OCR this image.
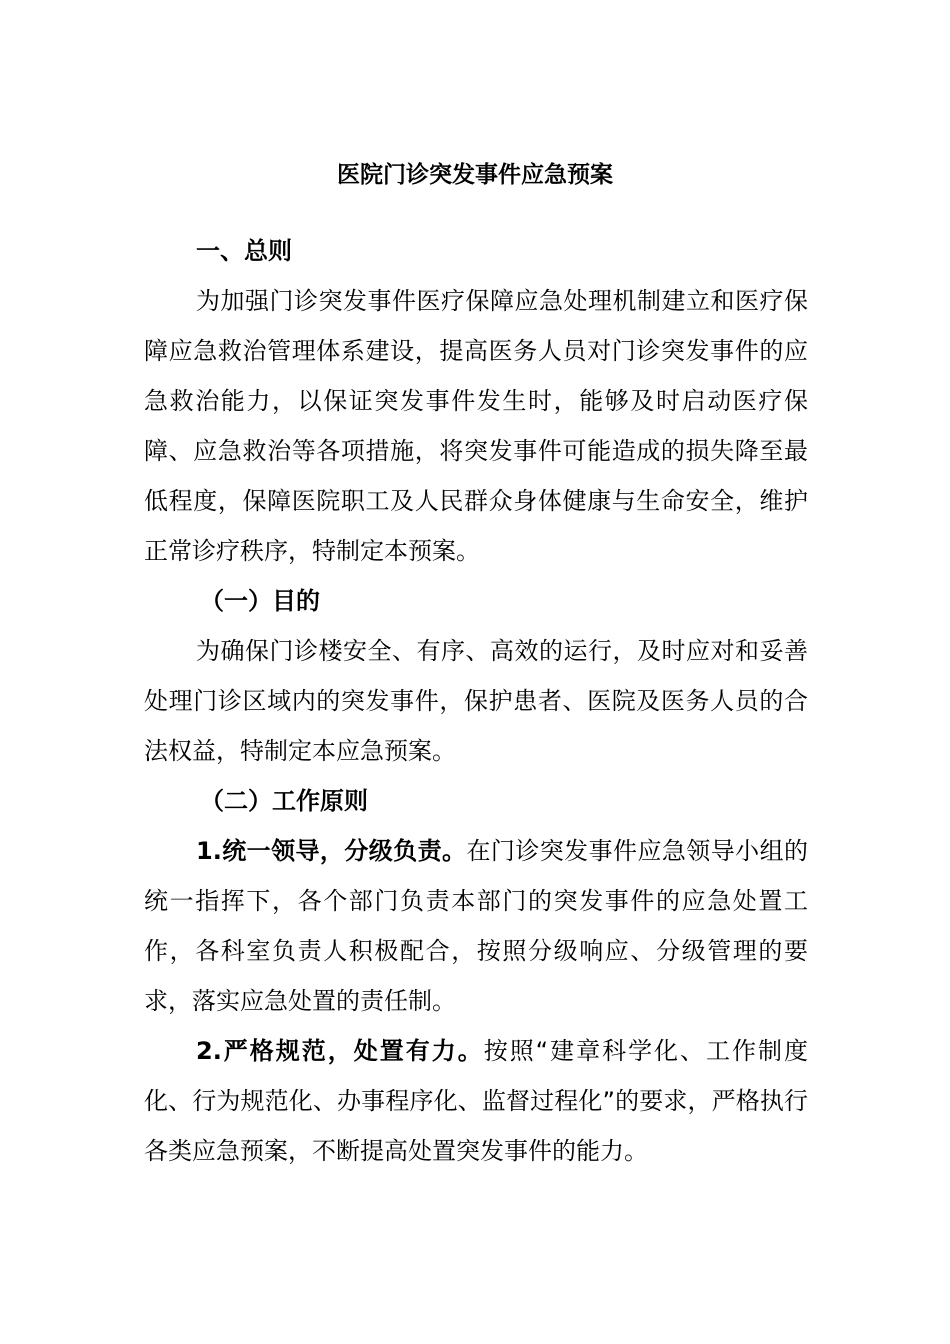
医院门诊突发事件应急预案

一、总则

为加强门诊突发事件医疗保障应急处理机制建立和医疗保障应急救治管理体系建设，提高医务人员对门诊突发事件的应急救治能力，以保证突发事件发生时，能够及时启动医疗保障、应急救治等各项措施，将突发事件可能造成的损失降至最低程度，保障医院职工及人民群众身体健康与生命安全，维护正常诊疗秩序，特制定本预案。

（一）目的

为确保门诊楼安全、有序、高效的运行，及时应对和妥善处理门诊区域内的突发事件，保护患者、医院及医务人员的合法权益，特制定本应急预案。

（二）工作原则

1.统一领导，分级负责。在门诊突发事件应急领导小组的统一指挥下，各个部门负责本部门的突发事件的应急处置工作，各科室负责人积极配合，按照分级响应、分级管理的要求，落实应急处置的责任制。

2.严格规范，处置有力。按照“建章科学化、工作制度化、行为规范化、办事程序化、监督过程化”的要求，严格执行各类应急预案，不断提高处置突发事件的能力。
